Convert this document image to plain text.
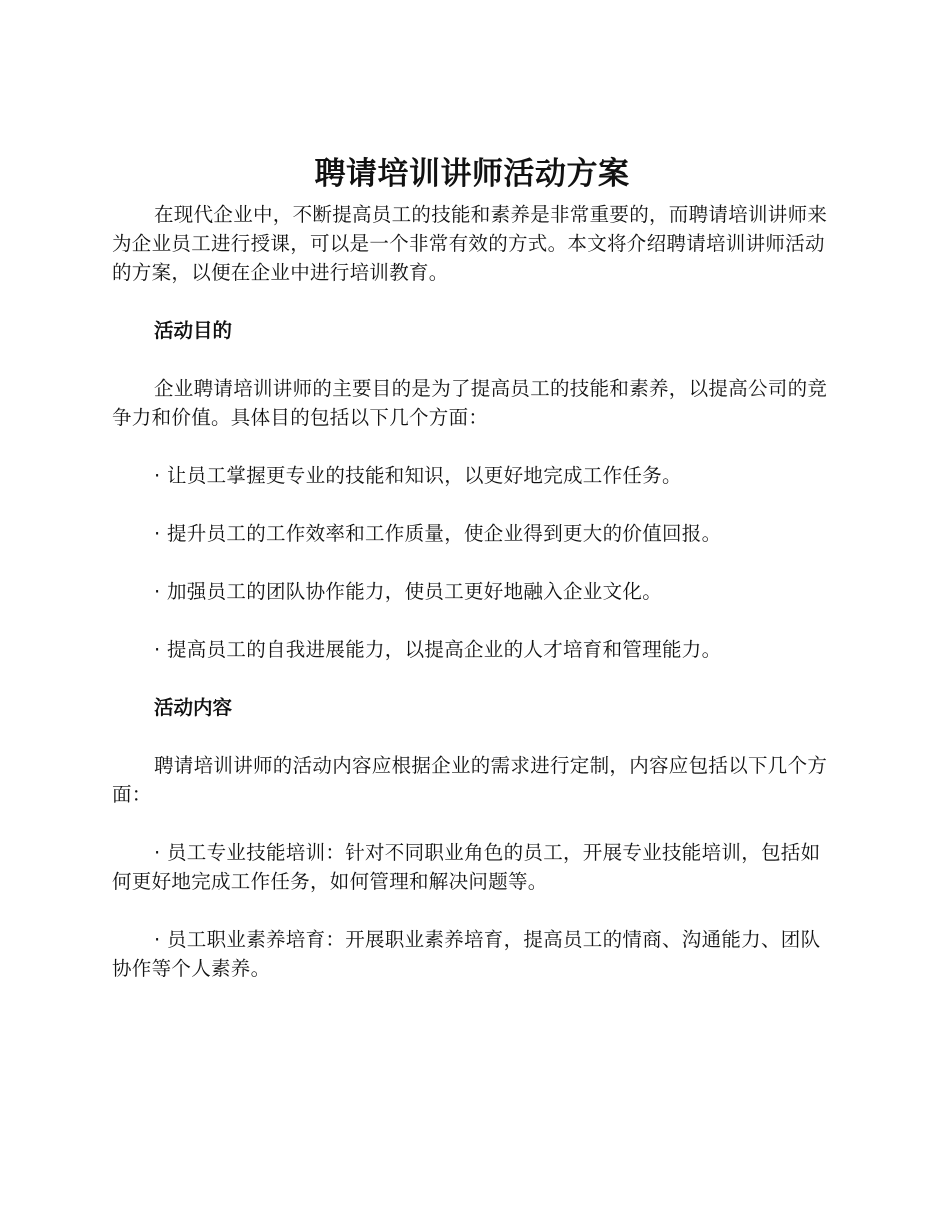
聘请培训讲师活动方案

在现代企业中，不断提高员工的技能和素养是非常重要的，而聘请培训讲师来为企业员工进行授课，可以是一个非常有效的方式。本文将介绍聘请培训讲师活动的方案，以便在企业中进行培训教育。

活动目的

企业聘请培训讲师的主要目的是为了提高员工的技能和素养，以提高公司的竞争力和价值。具体目的包括以下几个方面：

· 让员工掌握更专业的技能和知识，以更好地完成工作任务。

· 提升员工的工作效率和工作质量，使企业得到更大的价值回报。

· 加强员工的团队协作能力，使员工更好地融入企业文化。

· 提高员工的自我进展能力，以提高企业的人才培育和管理能力。

活动内容

聘请培训讲师的活动内容应根据企业的需求进行定制，内容应包括以下几个方面：

· 员工专业技能培训：针对不同职业角色的员工，开展专业技能培训，包括如何更好地完成工作任务，如何管理和解决问题等。

· 员工职业素养培育：开展职业素养培育，提高员工的情商、沟通能力、团队协作等个人素养。
